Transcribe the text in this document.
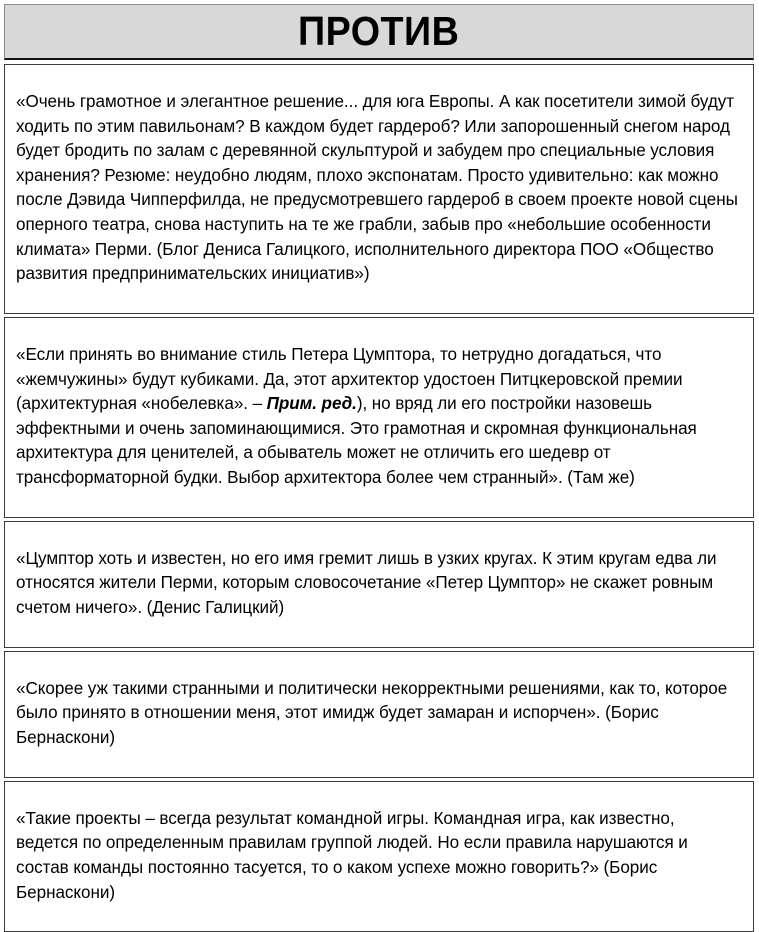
ПРОТИВ

«Очень грамотное и элегантное решение... для юга Европы. А как посетители зимой будут ходить по этим павильонам? В каждом будет гардероб? Или запорошенный снегом народ будет бродить по залам с деревянной скульптурой и забудем про специальные условия хранения? Резюме: неудобно людям, плохо экспонатам. Просто удивительно: как можно после Дэвида Чипперфилда, не предусмотревшего гардероб в своем проекте новой сцены оперного театра, снова наступить на те же грабли, забыв про «небольшие особенности климата» Перми. (Блог Дениса Галицкого, исполнительного директора ПОО «Общество развития предпринимательских инициатив»)

«Если принять во внимание стиль Петера Цумптора, то нетрудно догадаться, что «жемчужины» будут кубиками. Да, этот архитектор удостоен Питцкеровской премии (архитектурная «нобелевка». – Прим. ред.), но вряд ли его постройки назовешь эффектными и очень запоминающимися. Это грамотная и скромная функциональная архитектура для ценителей, а обыватель может не отличить его шедевр от трансформаторной будки. Выбор архитектора более чем странный». (Там же)

«Цумптор хоть и известен, но его имя гремит лишь в узких кругах. К этим кругам едва ли относятся жители Перми, которым словосочетание «Петер Цумптор» не скажет ровным счетом ничего». (Денис Галицкий)

«Скорее уж такими странными и политически некорректными решениями, как то, которое было принято в отношении меня, этот имидж будет замаран и испорчен». (Борис Бернаскони)

«Такие проекты – всегда результат командной игры. Командная игра, как известно, ведется по определенным правилам группой людей. Но если правила нарушаются и состав команды постоянно тасуется, то о каком успехе можно говорить?» (Борис Бернаскони)
